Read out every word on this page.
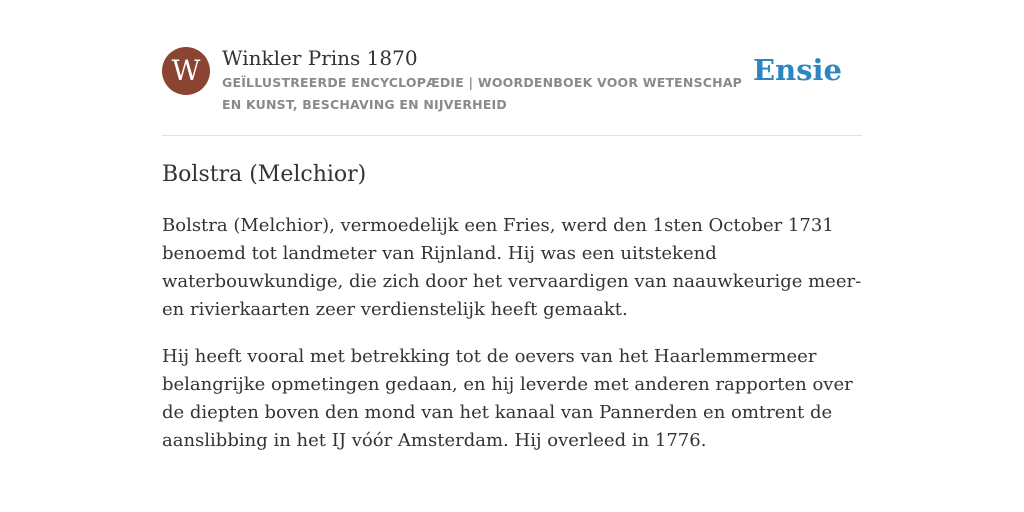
W	Winkler Prins 1870
GEÏLLUSTREERDE ENCYCLOPÆDIE | WOORDENBOEK VOOR WETENSCHAP EN KUNST, BESCHAVING EN NIJVERHEID
Ensie
Bolstra (Melchior)

Bolstra (Melchior), vermoedelijk een Fries, werd den 1sten October 1731 benoemd tot landmeter van Rijnland. Hij was een uitstekend waterbouwkundige, die zich door het vervaardigen van naauwkeurige meer- en rivierkaarten zeer verdienstelijk heeft gemaakt.

Hij heeft vooral met betrekking tot de oevers van het Haarlemmermeer belangrijke opmetingen gedaan, en hij leverde met anderen rapporten over de diepten boven den mond van het kanaal van Pannerden en omtrent de aanslibbing in het IJ vóór Amsterdam. Hij overleed in 1776.
